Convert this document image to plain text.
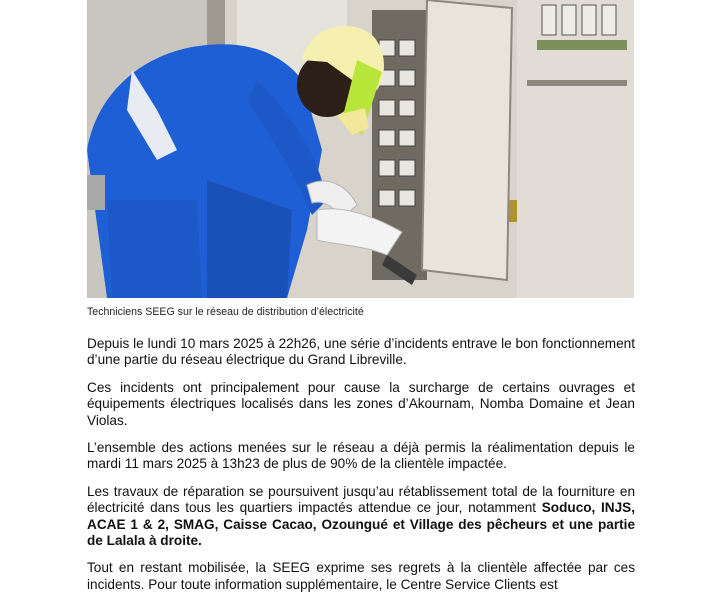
Techniciens SEEG sur le réseau de distribution d’électricité

Depuis le lundi 10 mars 2025 à 22h26, une série d’incidents entrave le bon fonctionnement d’une partie du réseau électrique du Grand Libreville.

Ces incidents ont principalement pour cause la surcharge de certains ouvrages et équipements électriques localisés dans les zones d’Akournam, Nomba Domaine et Jean Violas.

L’ensemble des actions menées sur le réseau a déjà permis la réalimentation depuis le mardi 11 mars 2025 à 13h23 de plus de 90% de la clientèle impactée.

Les travaux de réparation se poursuivent jusqu’au rétablissement total de la fourniture en électricité dans tous les quartiers impactés attendue ce jour, notamment Soduco, INJS, ACAE 1 & 2, SMAG, Caisse Cacao, Ozoungué et Village des pêcheurs et une partie de Lalala à droite.

Tout en restant mobilisée, la SEEG exprime ses regrets à la clientèle affectée par ces incidents. Pour toute information supplémentaire, le Centre Service Clients est
